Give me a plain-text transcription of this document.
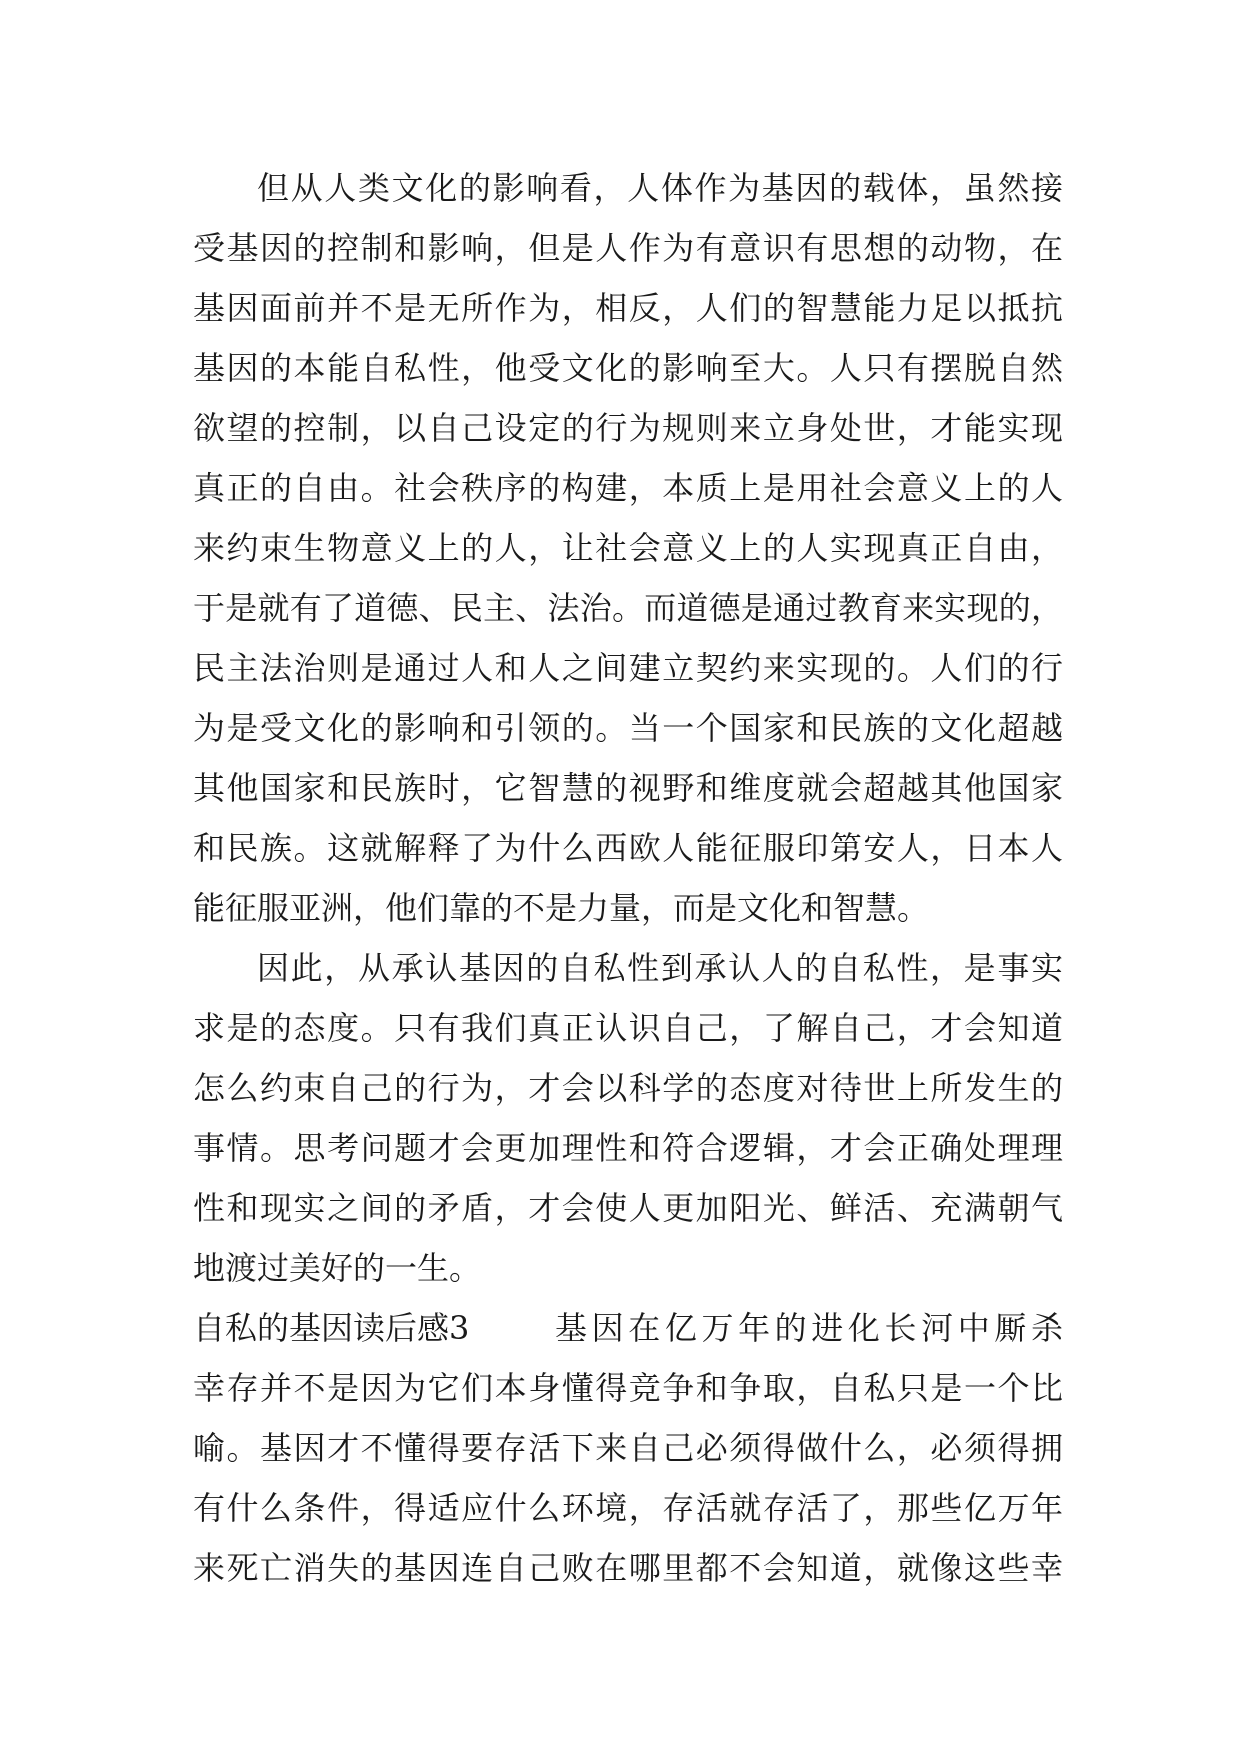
但从人类文化的影响看，人体作为基因的载体，虽然接
受基因的控制和影响，但是人作为有意识有思想的动物，在
基因面前并不是无所作为，相反，人们的智慧能力足以抵抗
基因的本能自私性，他受文化的影响至大。人只有摆脱自然
欲望的控制，以自己设定的行为规则来立身处世，才能实现
真正的自由。社会秩序的构建，本质上是用社会意义上的人
来约束生物意义上的人，让社会意义上的人实现真正自由，
于是就有了道德、民主、法治。而道德是通过教育来实现的，
民主法治则是通过人和人之间建立契约来实现的。人们的行
为是受文化的影响和引领的。当一个国家和民族的文化超越
其他国家和民族时，它智慧的视野和维度就会超越其他国家
和民族。这就解释了为什么西欧人能征服印第安人，日本人
能征服亚洲，他们靠的不是力量，而是文化和智慧。
因此，从承认基因的自私性到承认人的自私性，是事实
求是的态度。只有我们真正认识自己，了解自己，才会知道
怎么约束自己的行为，才会以科学的态度对待世上所发生的
事情。思考问题才会更加理性和符合逻辑，才会正确处理理
性和现实之间的矛盾，才会使人更加阳光、鲜活、充满朝气
地渡过美好的一生。
自私的基因读后感3	基因在亿万年的进化长河中厮杀
幸存并不是因为它们本身懂得竞争和争取，自私只是一个比
喻。基因才不懂得要存活下来自己必须得做什么，必须得拥
有什么条件，得适应什么环境，存活就存活了，那些亿万年
来死亡消失的基因连自己败在哪里都不会知道，就像这些幸
